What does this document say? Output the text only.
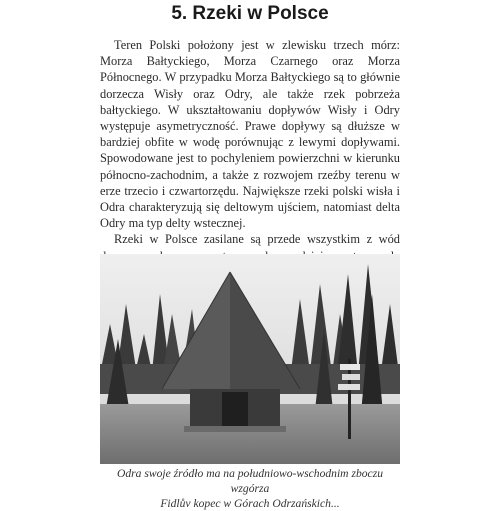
5. Rzeki w Polsce

Teren Polski położony jest w zlewisku trzech mórz: Morza Bałtyckiego, Morza Czarnego oraz Morza Północnego. W przypadku Morza Bałtyckiego są to głównie dorzecza Wisły oraz Odry, ale także rzek pobrzeża bałtyckiego. W ukształtowaniu dopływów Wisły i Odry występuje asymetryczność. Prawe dopływy są dłuższe w bardziej obfite w wodę porównując z lewymi dopływami. Spowodowane jest to pochyleniem powierzchni w kierunku północno-zachodnim, a także z rozwojem rzeźby terenu w erze trzecio i czwartorzędu. Największe rzeki polski wisła i Odra charakteryzują się deltowym ujściem, natomiast delta Odry ma typ delty wstecznej.

Rzeki w Polsce zasilane są przede wszystkim z wód

Odra swoje źródło ma na południowo-wschodnim zboczu wzgórza
Fidlův kopec w Górach Odrzańskich...
